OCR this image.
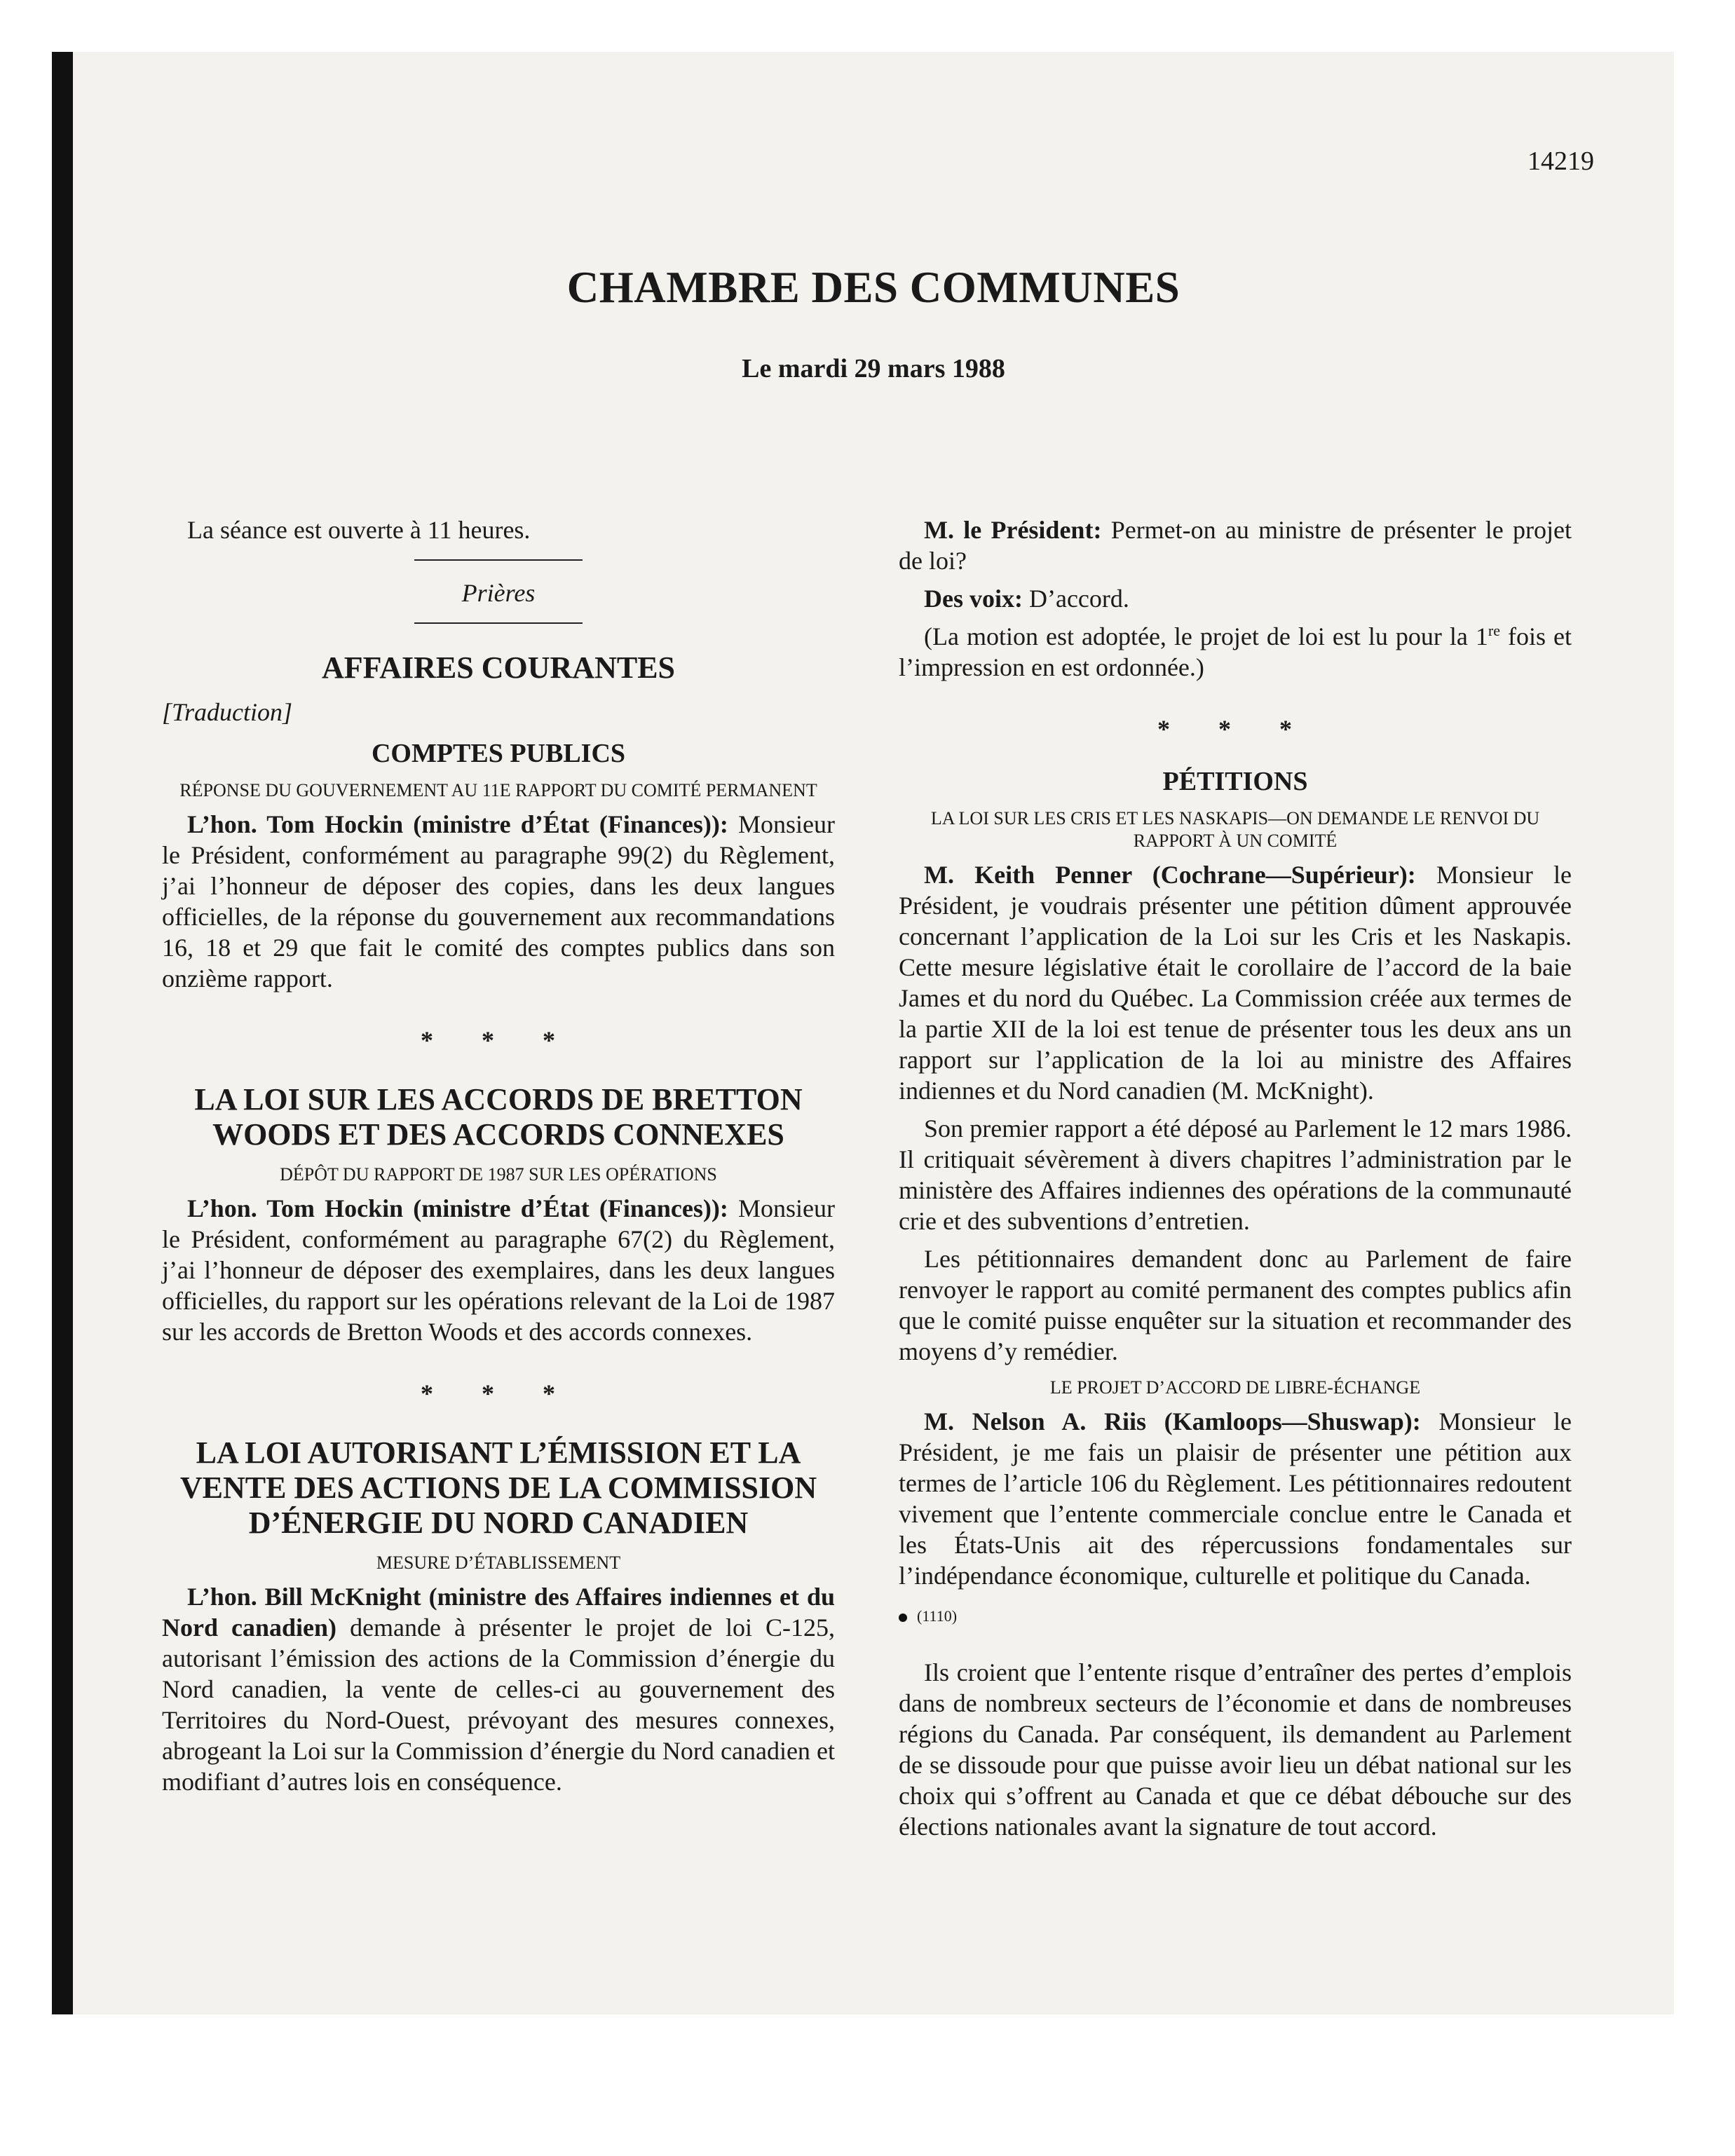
14219
CHAMBRE DES COMMUNES
Le mardi 29 mars 1988

La séance est ouverte à 11 heures.

Prières

AFFAIRES COURANTES

[Traduction]

COMPTES PUBLICS
RÉPONSE DU GOUVERNEMENT AU 11E RAPPORT DU COMITÉ PERMANENT

L’hon. Tom Hockin (ministre d’État (Finances)): Monsieur le Président, conformément au paragraphe 99(2) du Règlement, j’ai l’honneur de déposer des copies, dans les deux langues officielles, de la réponse du gouvernement aux recommandations 16, 18 et 29 que fait le comité des comptes publics dans son onzième rapport.

* * *
LA LOI SUR LES ACCORDS DE BRETTON WOODS ET DES ACCORDS CONNEXES
DÉPÔT DU RAPPORT DE 1987 SUR LES OPÉRATIONS

L’hon. Tom Hockin (ministre d’État (Finances)): Monsieur le Président, conformément au paragraphe 67(2) du Règlement, j’ai l’honneur de déposer des exemplaires, dans les deux langues officielles, du rapport sur les opérations relevant de la Loi de 1987 sur les accords de Bretton Woods et des accords connexes.

* * *
LA LOI AUTORISANT L’ÉMISSION ET LA VENTE DES ACTIONS DE LA COMMISSION D’ÉNERGIE DU NORD CANADIEN
MESURE D’ÉTABLISSEMENT

L’hon. Bill McKnight (ministre des Affaires indiennes et du Nord canadien) demande à présenter le projet de loi C-125, autorisant l’émission des actions de la Commission d’énergie du Nord canadien, la vente de celles-ci au gouvernement des Territoires du Nord-Ouest, prévoyant des mesures connexes, abrogeant la Loi sur la Commission d’énergie du Nord canadien et modifiant d’autres lois en conséquence.

M. le Président: Permet-on au ministre de présenter le projet de loi?

Des voix: D’accord.

(La motion est adoptée, le projet de loi est lu pour la 1re fois et l’impression en est ordonnée.)

* * *
PÉTITIONS
LA LOI SUR LES CRIS ET LES NASKAPIS—ON DEMANDE LE RENVOI DU RAPPORT À UN COMITÉ

M. Keith Penner (Cochrane—Supérieur): Monsieur le Président, je voudrais présenter une pétition dûment approuvée concernant l’application de la Loi sur les Cris et les Naskapis. Cette mesure législative était le corollaire de l’accord de la baie James et du nord du Québec. La Commission créée aux termes de la partie XII de la loi est tenue de présenter tous les deux ans un rapport sur l’application de la loi au ministre des Affaires indiennes et du Nord canadien (M. McKnight).

Son premier rapport a été déposé au Parlement le 12 mars 1986. Il critiquait sévèrement à divers chapitres l’administration par le ministère des Affaires indiennes des opérations de la communauté crie et des subventions d’entretien.

Les pétitionnaires demandent donc au Parlement de faire renvoyer le rapport au comité permanent des comptes publics afin que le comité puisse enquêter sur la situation et recommander des moyens d’y remédier.

LE PROJET D’ACCORD DE LIBRE-ÉCHANGE

M. Nelson A. Riis (Kamloops—Shuswap): Monsieur le Président, je me fais un plaisir de présenter une pétition aux termes de l’article 106 du Règlement. Les pétitionnaires redoutent vivement que l’entente commerciale conclue entre le Canada et les États-Unis ait des répercussions fondamentales sur l’indépendance économique, culturelle et politique du Canada.

(1110)

Ils croient que l’entente risque d’entraîner des pertes d’emplois dans de nombreux secteurs de l’économie et dans de nombreuses régions du Canada. Par conséquent, ils demandent au Parlement de se dissoude pour que puisse avoir lieu un débat national sur les choix qui s’offrent au Canada et que ce débat débouche sur des élections nationales avant la signature de tout accord.
